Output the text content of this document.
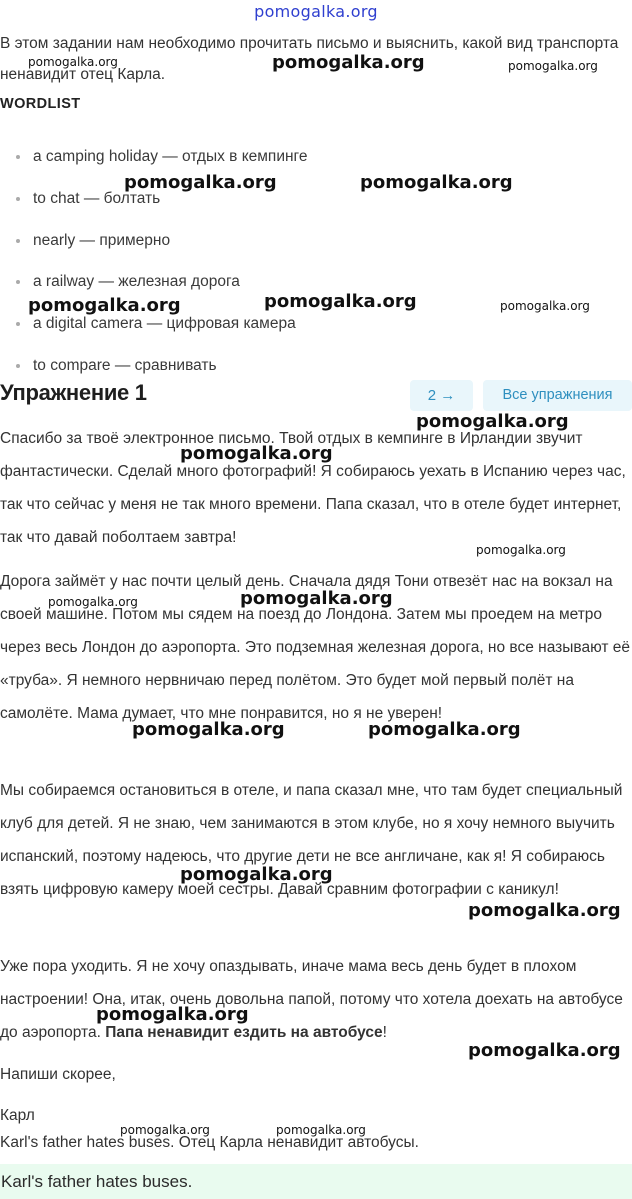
pomogalka.org
В этом задании нам необходимо прочитать письмо и выяснить, какой вид транспорта ненавидит отец Карла.
WORDLIST
a camping holiday — отдых в кемпинге
to chat — болтать
nearly — примерно
a railway — железная дорога
a digital camera — цифровая камера
to compare — сравнивать
Упражнение 1	2 →	Все упражнения
Спасибо за твоё электронное письмо. Твой отдых в кемпинге в Ирландии звучит фантастически. Сделай много фотографий! Я собираюсь уехать в Испанию через час, так что сейчас у меня не так много времени. Папа сказал, что в отеле будет интернет, так что давай поболтаем завтра!
Дорога займёт у нас почти целый день. Сначала дядя Тони отвезёт нас на вокзал на своей машине. Потом мы сядем на поезд до Лондона. Затем мы проедем на метро через весь Лондон до аэропорта. Это подземная железная дорога, но все называют её «труба». Я немного нервничаю перед полётом. Это будет мой первый полёт на самолёте. Мама думает, что мне понравится, но я не уверен!
Мы собираемся остановиться в отеле, и папа сказал мне, что там будет специальный клуб для детей. Я не знаю, чем занимаются в этом клубе, но я хочу немного выучить испанский, поэтому надеюсь, что другие дети не все англичане, как я! Я собираюсь взять цифровую камеру моей сестры. Давай сравним фотографии с каникул!
Уже пора уходить. Я не хочу опаздывать, иначе мама весь день будет в плохом настроении! Она, итак, очень довольна папой, потому что хотела доехать на автобусе до аэропорта. Папа ненавидит ездить на автобусе!
Напиши скорее,
Карл
Karl's father hates buses. Отец Карла ненавидит автобусы.
Karl's father hates buses.
pomogalka.org	pomogalka.org	pomogalka.org
pomogalka.org	pomogalka.org
pomogalka.org	pomogalka.org	pomogalka.org
pomogalka.org
pomogalka.org
pomogalka.org
pomogalka.org	pomogalka.org
pomogalka.org	pomogalka.org
pomogalka.org
pomogalka.org
pomogalka.org
pomogalka.org
pomogalka.org	pomogalka.org
